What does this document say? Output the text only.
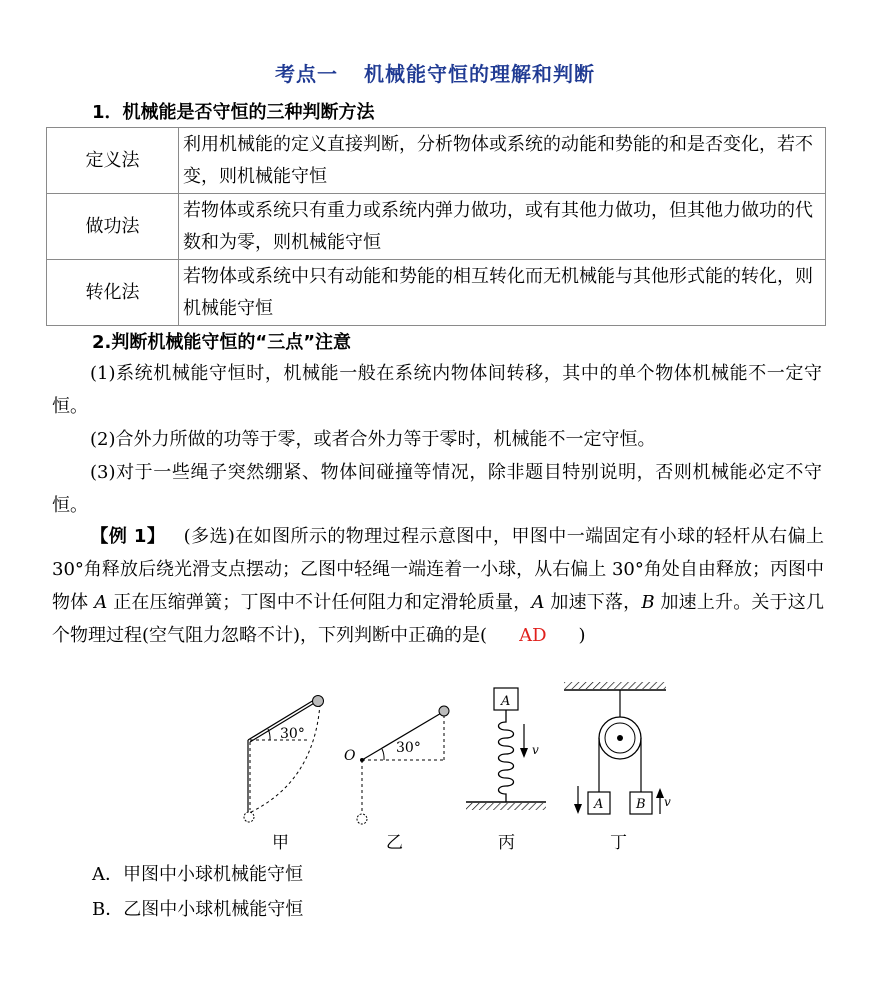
考点一 机械能守恒的理解和判断
1．机械能是否守恒的三种判断方法
定义法	利用机械能的定义直接判断，分析物体或系统的动能和势能的和是否变化，若不变，则机械能守恒
做功法	若物体或系统只有重力或系统内弹力做功，或有其他力做功，但其他力做功的代数和为零，则机械能守恒
转化法	若物体或系统中只有动能和势能的相互转化而无机械能与其他形式能的转化，则机械能守恒
2.判断机械能守恒的“三点”注意
(1)系统机械能守恒时，机械能一般在系统内物体间转移，其中的单个物体机械能不一定守恒。
(2)合外力所做的功等于零，或者合外力等于零时，机械能不一定守恒。
(3)对于一些绳子突然绷紧、物体间碰撞等情况，除非题目特别说明，否则机械能必定不守恒。
【例 1】 (多选)在如图所示的物理过程示意图中，甲图中一端固定有小球的轻杆从右偏上 30°角释放后绕光滑支点摆动；乙图中轻绳一端连着一小球，从右偏上 30°角处自由释放；丙图中物体 A 正在压缩弹簧；丁图中不计任何阻力和定滑轮质量，A 加速下落，B 加速上升。关于这几个物理过程(空气阻力忽略不计)，下列判断中正确的是( AD )
30°
甲
O	30°
乙
A
v
丙
A	B v
丁
A．甲图中小球机械能守恒
B．乙图中小球机械能守恒
